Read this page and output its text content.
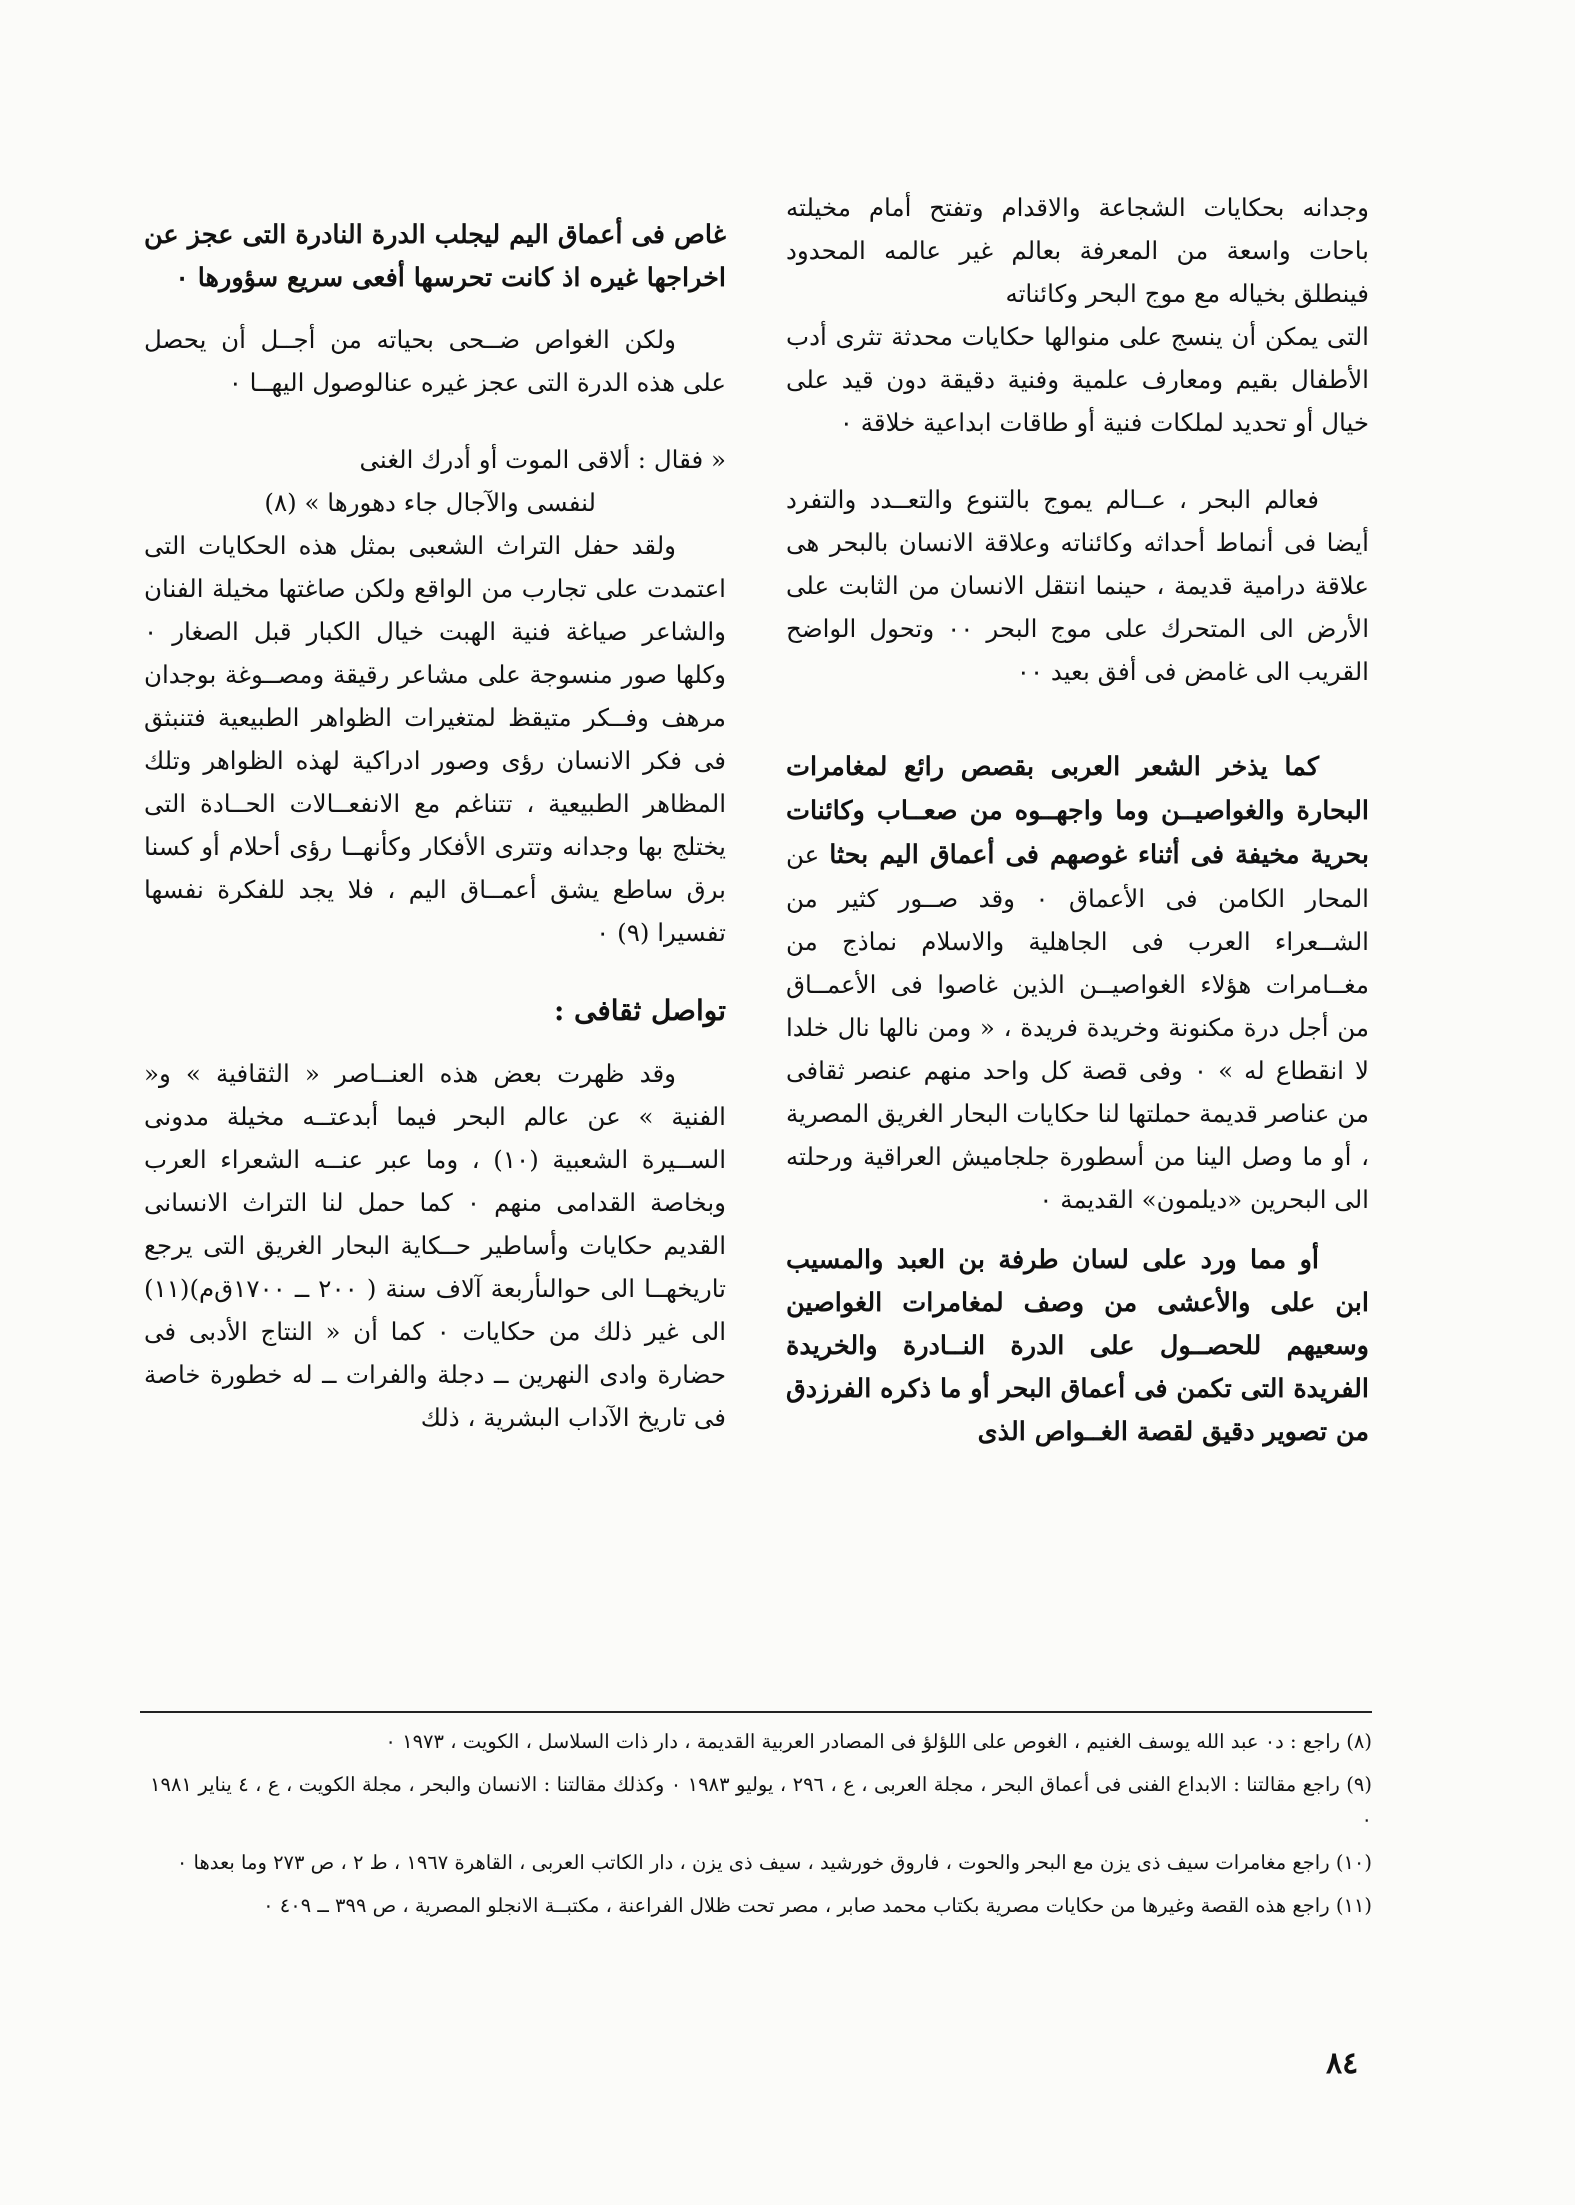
وجدانه بحكايات الشجاعة والاقدام وتفتح أمام مخيلته باحات واسعة من المعرفة بعالم غير عالمه المحدود فينطلق بخياله مع موج البحر وكائناته

التى يمكن أن ينسج على منوالها حكايات محدثة تثرى أدب الأطفال بقيم ومعارف علمية وفنية دقيقة دون قيد على خيال أو تحديد لملكات فنية أو طاقات ابداعية خلاقة ٠

فعالم البحر ، عــالم يموج بالتنوع والتعــدد والتفرد أيضا فى أنماط أحداثه وكائناته وعلاقة الانسان بالبحر هى علاقة درامية قديمة ، حينما انتقل الانسان من الثابت على الأرض الى المتحرك على موج البحر ٠٠ وتحول الواضح القريب الى غامض فى أفق بعيد ٠٠

كما يذخر الشعر العربى بقصص رائع لمغامرات البحارة والغواصيــن وما واجهــوه من صعــاب وكائنات بحرية مخيفة فى أثناء غوصهم فى أعماق اليم بحثا عن المحار الكامن فى الأعماق ٠ وقد صــور كثير من الشــعراء العرب فى الجاهلية والاسلام نماذج من مغــامرات هؤلاء الغواصيــن الذين غاصوا فى الأعمــاق من أجل درة مكنونة وخريدة فريدة ، « ومن نالها نال خلدا لا انقطاع له » ٠ وفى قصة كل واحد منهم عنصر ثقافى من عناصر قديمة حملتها لنا حكايات البحار الغريق المصرية ، أو ما وصل الينا من أسطورة جلجاميش العراقية ورحلته الى البحرين «ديلمون» القديمة ٠

أو مما ورد على لسان طرفة بن العبد والمسيب ابن على والأعشى من وصف لمغامرات الغواصين وسعيهم للحصــول على الدرة النــادرة والخريدة الفريدة التى تكمن فى أعماق البحر أو ما ذكره الفرزدق من تصوير دقيق لقصة الغــواص الذى

غاص فى أعماق اليم ليجلب الدرة النادرة التى عجز عن اخراجها غيره اذ كانت تحرسها أفعى سريع سؤورها ٠

ولكن الغواص ضــحى بحياته من أجــل أن يحصل على هذه الدرة التى عجز غيره عنالوصول اليهــا ٠

« فقال : ألاقى الموت أو أدرك الغنى

لنفسى والآجال جاء دهورها » (٨)

ولقد حفل التراث الشعبى بمثل هذه الحكايات التى اعتمدت على تجارب من الواقع ولكن صاغتها مخيلة الفنان والشاعر صياغة فنية الهبت خيال الكبار قبل الصغار ٠ وكلها صور منسوجة على مشاعر رقيقة ومصــوغة بوجدان مرهف وفــكر متيقظ لمتغيرات الظواهر الطبيعية فتنبثق فى فكر الانسان رؤى وصور ادراكية لهذه الظواهر وتلك المظاهر الطبيعية ، تتناغم مع الانفعــالات الحــادة التى يختلج بها وجدانه وتترى الأفكار وكأنهــا رؤى أحلام أو كسنا برق ساطع يشق أعمــاق اليم ، فلا يجد للفكرة نفسها تفسيرا (٩) ٠

تواصل ثقافى :

وقد ظهرت بعض هذه العنــاصر « الثقافية » و« الفنية » عن عالم البحر فيما أبدعتــه مخيلة مدونى الســيرة الشعبية (١٠) ، وما عبر عنــه الشعراء العرب وبخاصة القدامى منهم ٠ كما حمل لنا التراث الانسانى القديم حكايات وأساطير حــكاية البحار الغريق التى يرجع تاريخهــا الى حوالىأربعة آلاف سنة ( ٢٠٠ ــ ١٧٠٠ق‌م)(١١) الى غير ذلك من حكايات ٠ كما أن « النتاج الأدبى فى حضارة وادى النهرين ــ دجلة والفرات ــ له خطورة خاصة فى تاريخ الآداب البشرية ، ذلك

(٨) راجع : د٠ عبد الله يوسف الغنيم ، الغوص على اللؤلؤ فى المصادر العربية القديمة ، دار ذات السلاسل ، الكويت ، ١٩٧٣ ٠

(٩) راجع مقالتنا : الابداع الفنى فى أعماق البحر ، مجلة العربى ، ع ، ٢٩٦ ، يوليو ١٩٨٣ ٠ وكذلك مقالتنا : الانسان والبحر ، مجلة الكويت ، ع ، ٤ يناير ١٩٨١ ٠

(١٠) راجع مغامرات سيف ذى يزن مع البحر والحوت ، فاروق خورشيد ، سيف ذى يزن ، دار الكاتب العربى ، القاهرة ١٩٦٧ ، ط ٢ ، ص ٢٧٣ وما بعدها ٠

(١١) راجع هذه القصة وغيرها من حكايات مصرية بكتاب محمد صابر ، مصر تحت ظلال الفراعنة ، مكتبــة الانجلو المصرية ، ص ٣٩٩ ــ ٤٠٩ ٠

٨٤
